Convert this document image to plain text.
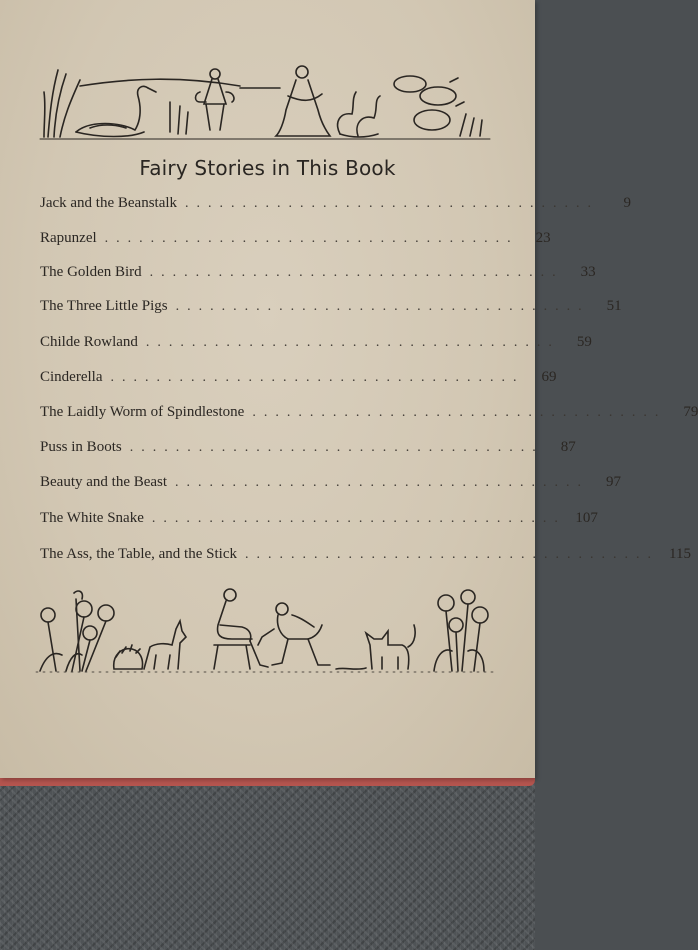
Fairy Stories in This Book
Jack and the Beanstalk ....................................	9
Rapunzel ....................................	23
The Golden Bird ....................................	33
The Three Little Pigs ....................................	51
Childe Rowland ....................................	59
Cinderella ....................................	69
The Laidly Worm of Spindlestone ....................................	79
Puss in Boots ....................................	87
Beauty and the Beast ....................................	97
The White Snake .................................... 107
The Ass, the Table, and the Stick .................................... 115
